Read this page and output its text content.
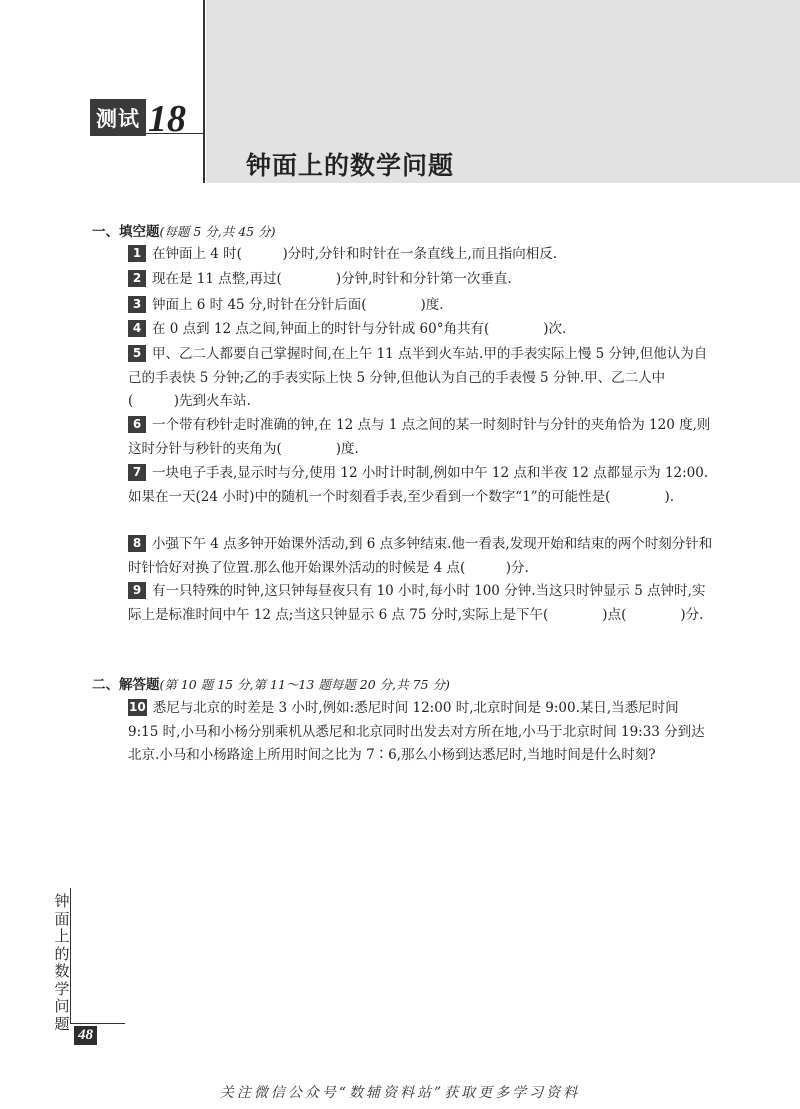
测试 18
钟面上的数学问题
一、填空题(每题 5 分,共 45 分)
1 在钟面上 4 时(　　　)分时,分针和时针在一条直线上,而且指向相反.
2 现在是 11 点整,再过(　　　　)分钟,时针和分针第一次垂直.
3 钟面上 6 时 45 分,时针在分针后面(　　　　)度.
4 在 0 点到 12 点之间,钟面上的时针与分针成 60°角共有(　　　　)次.
5 甲、乙二人都要自己掌握时间,在上午 11 点半到火车站.甲的手表实际上慢 5 分钟,但他认为自己的手表快 5 分钟;乙的手表实际上快 5 分钟,但他认为自己的手表慢 5 分钟.甲、乙二人中(　　　)先到火车站.
6 一个带有秒针走时准确的钟,在 12 点与 1 点之间的某一时刻时针与分针的夹角恰为 120 度,则这时分针与秒针的夹角为(　　　　)度.
7 一块电子手表,显示时与分,使用 12 小时计时制,例如中午 12 点和半夜 12 点都显示为 12:00.如果在一天(24 小时)中的随机一个时刻看手表,至少看到一个数字“1”的可能性是(　　　　).
8 小强下午 4 点多钟开始课外活动,到 6 点多钟结束.他一看表,发现开始和结束的两个时刻分针和时针恰好对换了位置.那么他开始课外活动的时候是 4 点(　　　)分.
9 有一只特殊的时钟,这只钟每昼夜只有 10 小时,每小时 100 分钟.当这只时钟显示 5 点钟时,实际上是标准时间中午 12 点;当这只钟显示 6 点 75 分时,实际上是下午(　　　　)点(　　　　)分.
二、解答题(第 10 题 15 分,第 11～13 题每题 20 分,共 75 分)
10 悉尼与北京的时差是 3 小时,例如:悉尼时间 12:00 时,北京时间是 9:00.某日,当悉尼时间 9:15 时,小马和小杨分别乘机从悉尼和北京同时出发去对方所在地,小马于北京时间 19:33 分到达北京.小马和小杨路途上所用时间之比为 7∶6,那么小杨到达悉尼时,当地时间是什么时刻?
钟面上的数学问题
48
关注微信公众号“数辅资料站”获取更多学习资料
